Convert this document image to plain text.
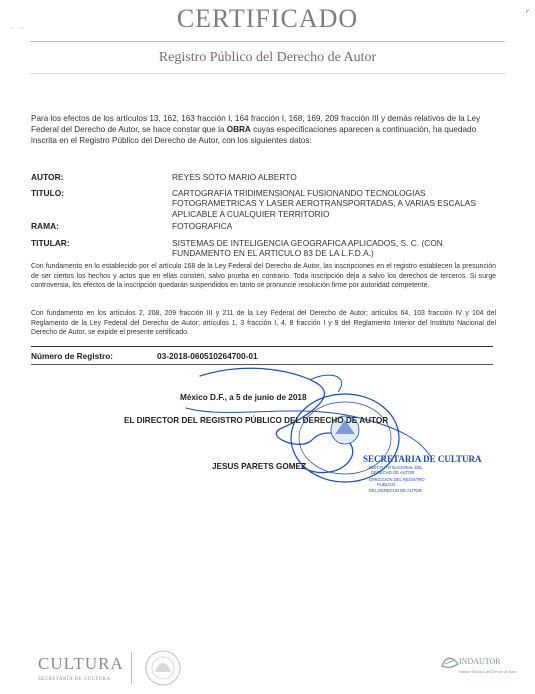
~ · ·~
✓
CERTIFICADO
Registro Público del Derecho de Autor
Para los efectos de los artículos 13, 162, 163 fracción I, 164 fracción I, 168, 169, 209 fracción III y demás relativos de la Ley Federal del Derecho de Autor, se hace constar que la OBRA cuyas especificaciones aparecen a continuación, ha quedado inscrita en el Registro Público del Derecho de Autor, con los siguientes datos:
AUTOR:	REYES SOTO MARIO ALBERTO
TITULO:	CARTOGRAFIA TRIDIMENSIONAL FUSIONANDO TECNOLOGIAS FOTOGRAMETRICAS Y LASER AEROTRANSPORTADAS, A VARIAS ESCALAS APLICABLE A CUALQUIER TERRITORIO
RAMA:	FOTOGRAFICA
TITULAR:	SISTEMAS DE INTELIGENCIA GEOGRAFICA APLICADOS, S. C. (CON FUNDAMENTO EN EL ARTICULO 83 DE LA L.F.D.A.)
Con fundamento en lo establecido por el artículo 168 de la Ley Federal del Derecho de Autor, las inscripciones en el registro establecen la presunción de ser ciertos los hechos y actos que en ellas consten, salvo prueba en contrario. Toda inscripción deja a salvo los derechos de terceros. Si surge controversia, los efectos de la inscripción quedarán suspendidos en tanto se pronuncie resolución firme por autoridad competente.
Con fundamento en los artículos 2, 208, 209 fracción III y 211 de la Ley Federal del Derecho de Autor; artículos 64, 103 fracción IV y 104 del Reglamento de la Ley Federal del Derecho de Autor; artículos 1, 3 fracción I, 4, 8 fracción I y 9 del Reglamento Interior del Instituto Nacional del Derecho de Autor, se expide el presente certificado.
Número de Registro:	03-2018-060510264700-01
SECRETARIA DE CULTURA
INSTITUTO NACIONAL DEL
DERECHO DE AUTOR
DIRECCION DEL REGISTRO
PUBLICO
DEL DERECHO DE AUTOR
México D.F., a 5 de junio de 2018
EL DIRECTOR DEL REGISTRO PÚBLICO DEL DERECHO DE AUTOR
JESUS PARETS GOMEZ
CULTURA
SECRETARÍA DE CULTURA
INDAUTOR
Instituto Nacional del Derecho de Autor
